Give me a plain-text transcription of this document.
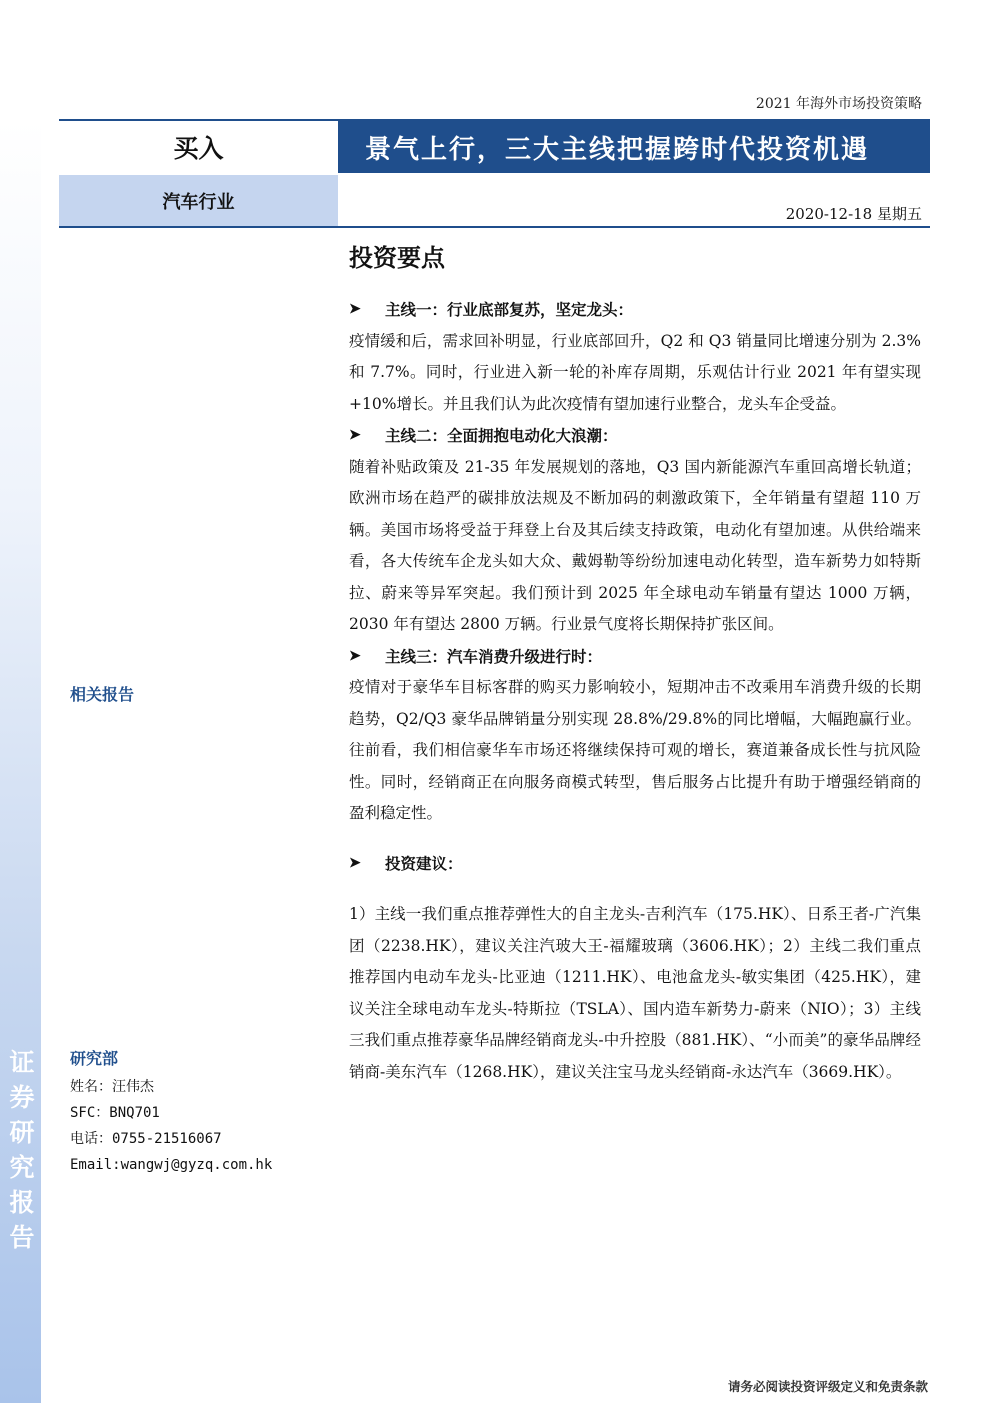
证
券
研
究
报
告
2021 年海外市场投资策略
买入	景气上行，三大主线把握跨时代投资机遇
汽车行业
2020-12-18 星期五
投资要点
相关报告
研究部
姓名：汪伟杰
SFC：BNQ701
电话：0755-21516067
Email:wangwj@gyzq.com.hk

➤	主线一：行业底部复苏，坚定龙头：

疫情缓和后，需求回补明显，行业底部回升，Q2 和 Q3 销量同比增速分别为 2.3%和 7.7%。同时，行业进入新一轮的补库存周期，乐观估计行业 2021 年有望实现+10%增长。并且我们认为此次疫情有望加速行业整合，龙头车企受益。

➤	主线二：全面拥抱电动化大浪潮：

随着补贴政策及 21-35 年发展规划的落地，Q3 国内新能源汽车重回高增长轨道；欧洲市场在趋严的碳排放法规及不断加码的刺激政策下，全年销量有望超 110 万辆。美国市场将受益于拜登上台及其后续支持政策，电动化有望加速。从供给端来看，各大传统车企龙头如大众、戴姆勒等纷纷加速电动化转型，造车新势力如特斯拉、蔚来等异军突起。我们预计到 2025 年全球电动车销量有望达 1000 万辆，2030 年有望达 2800 万辆。行业景气度将长期保持扩张区间。

➤	主线三：汽车消费升级进行时：

疫情对于豪华车目标客群的购买力影响较小，短期冲击不改乘用车消费升级的长期趋势，Q2/Q3 豪华品牌销量分别实现 28.8%/29.8%的同比增幅，大幅跑赢行业。往前看，我们相信豪华车市场还将继续保持可观的增长，赛道兼备成长性与抗风险性。同时，经销商正在向服务商模式转型，售后服务占比提升有助于增强经销商的盈利稳定性。

➤	投资建议：

1）主线一我们重点推荐弹性大的自主龙头-吉利汽车（175.HK）、日系王者-广汽集团（2238.HK），建议关注汽玻大王-福耀玻璃（3606.HK）；2）主线二我们重点推荐国内电动车龙头-比亚迪（1211.HK）、电池盒龙头-敏实集团（425.HK），建议关注全球电动车龙头-特斯拉（TSLA）、国内造车新势力-蔚来（NIO）；3）主线三我们重点推荐豪华品牌经销商龙头-中升控股（881.HK）、“小而美”的豪华品牌经销商-美东汽车（1268.HK），建议关注宝马龙头经销商-永达汽车（3669.HK）。

请务必阅读投资评级定义和免责条款
